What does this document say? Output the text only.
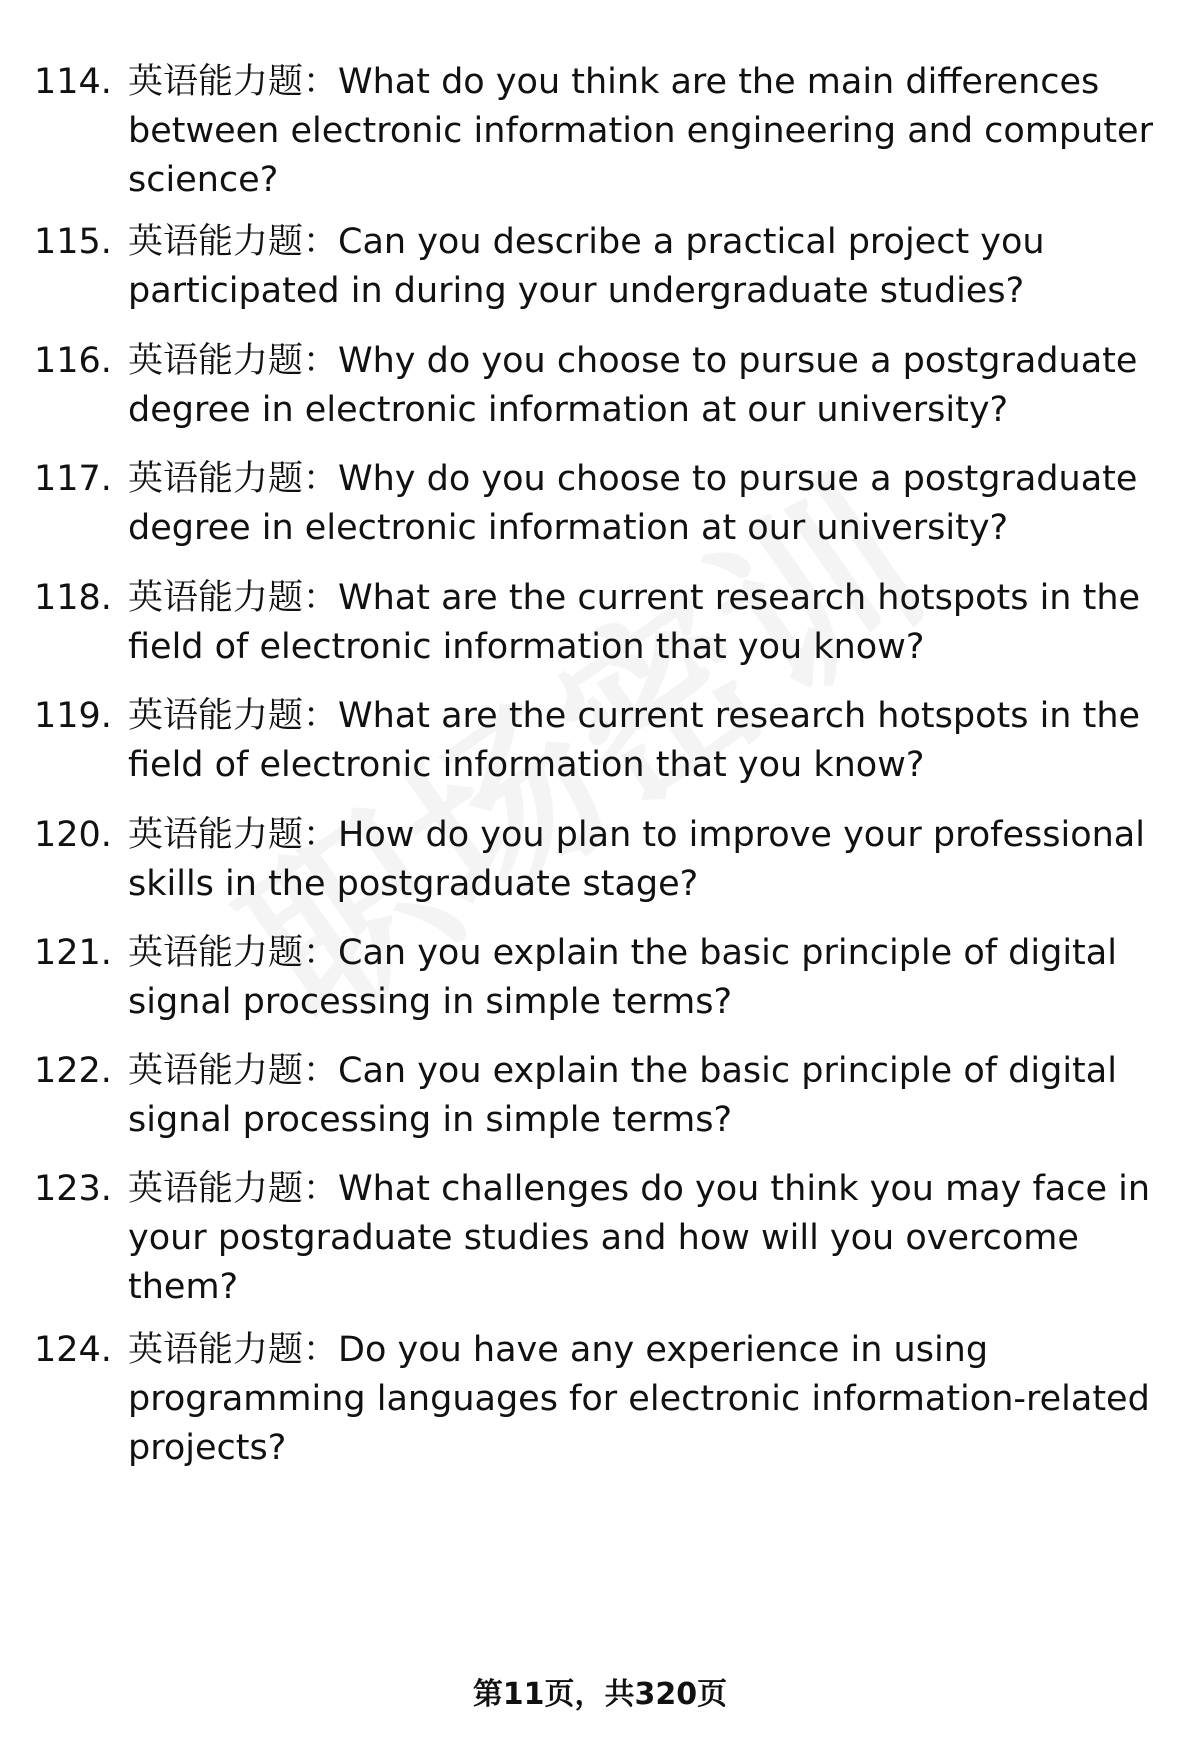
114. 英语能力题：What do you think are the main differences between electronic information engineering and computer science?
115. 英语能力题：Can you describe a practical project you participated in during your undergraduate studies?
116. 英语能力题：Why do you choose to pursue a postgraduate degree in electronic information at our university?
117. 英语能力题：Why do you choose to pursue a postgraduate degree in electronic information at our university?
118. 英语能力题：What are the current research hotspots in the field of electronic information that you know?
119. 英语能力题：What are the current research hotspots in the field of electronic information that you know?
120. 英语能力题：How do you plan to improve your professional skills in the postgraduate stage?
121. 英语能力题：Can you explain the basic principle of digital signal processing in simple terms?
122. 英语能力题：Can you explain the basic principle of digital signal processing in simple terms?
123. 英语能力题：What challenges do you think you may face in your postgraduate studies and how will you overcome them?
124. 英语能力题：Do you have any experience in using programming languages for electronic information-related projects?
第11页，共320页
